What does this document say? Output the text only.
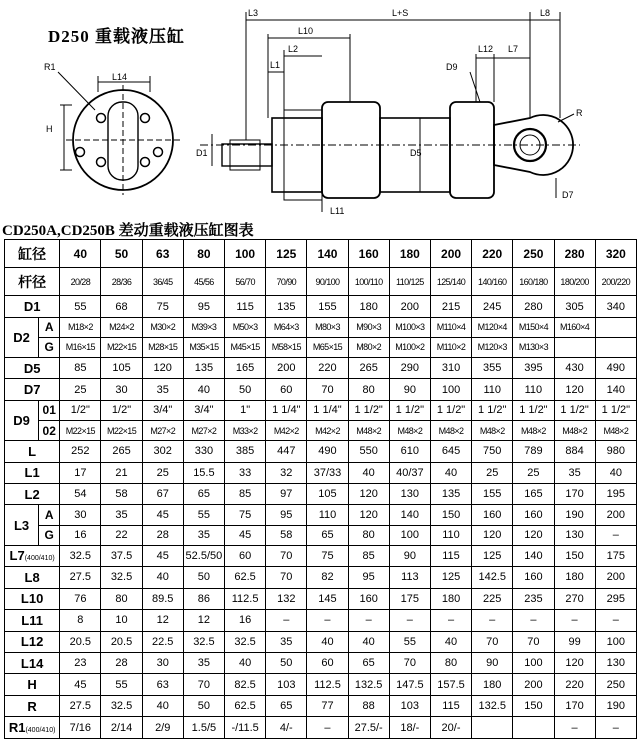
D250 重载液压缸
L3	L+S	L8
L10
L2
L1
L12 L7
D9
R1
L14
H
D1	D5
R
D7
L11
CD250A,CD250B 差动重载液压缸图表
缸径		40	50	63	80	100	125	140	160	180	200	220	250	280	320
杆径		20/28	28/36	36/45	45/56	56/70	70/90	90/100	100/110	110/125	125/140	140/160	160/180	180/200	200/220
D1		55	68	75	95	115	135	155	180	200	215	245	280	305	340
D2	A	M18×2	M24×2	M30×2	M39×3	M50×3	M64×3	M80×3	M90×3	M100×3	M110×4	M120×4	M150×4	M160×4	
	G	M16×15	M22×15	M28×15	M35×15	M45×15	M58×15	M65×15	M80×2	M100×2	M110×2	M120×3	M130×3		
D5		85	105	120	135	165	200	220	265	290	310	355	395	430	490
D7		25	30	35	40	50	60	70	80	90	100	110	110	120	140
D9	01	1/2"	1/2"	3/4"	3/4"	1"	1 1/4"	1 1/4"	1 1/2"	1 1/2"	1 1/2"	1 1/2"	1 1/2"	1 1/2"	1 1/2"
	02	M22×15	M22×15	M27×2	M27×2	M33×2	M42×2	M42×2	M48×2	M48×2	M48×2	M48×2	M48×2	M48×2	M48×2
L		252	265	302	330	385	447	490	550	610	645	750	789	884	980
L1		17	21	25	15.5	33	32	37/33	40	40/37	40	25	25	35	40
L2		54	58	67	65	85	97	105	120	130	135	155	165	170	195
L3	A	30	35	45	55	75	95	110	120	140	150	160	160	190	200
	G	16	22	28	35	45	58	65	80	100	110	120	120	130	–
L7(400/410)		32.5	37.5	45	52.5/50	60	70	75	85	90	115	125	140	150	175
L8		27.5	32.5	40	50	62.5	70	82	95	113	125	142.5	160	180	200
L10		76	80	89.5	86	112.5	132	145	160	175	180	225	235	270	295
L11		8	10	12	12	16	–	–	–	–	–	–	–	–	–
L12		20.5	20.5	22.5	32.5	32.5	35	40	40	55	40	70	70	99	100
L14		23	28	30	35	40	50	60	65	70	80	90	100	120	130
H		45	55	63	70	82.5	103	112.5	132.5	147.5	157.5	180	200	220	250
R		27.5	32.5	40	50	62.5	65	77	88	103	115	132.5	150	170	190
R1(400/410)		7/16	2/14	2/9	1.5/5	-/11.5	4/-	–	27.5/-	18/-	20/-			–	–
